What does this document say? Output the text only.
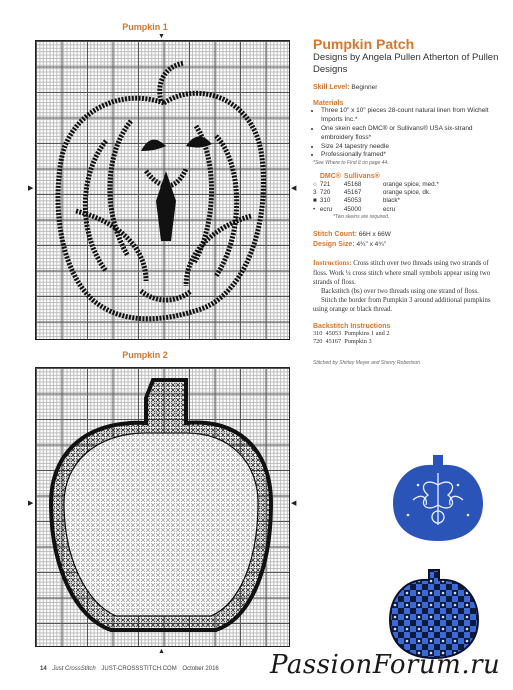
Pumpkin 1
▼
▶	◀
Pumpkin 2
▶	◀
▲
Pumpkin Patch
Designs by Angela Pullen Atherton of Pullen Designs
Skill Level: Beginner
Materials
• Three 10" x 10" pieces 28-count natural linen from Wichelt Imports Inc.*
• One skein each DMC® or Sullivans® USA six-strand embroidery floss*
• Size 24 tapestry needle
• Professionally framed*
*See Where to Find It on page 44.
	DMC®	Sullivans®	
○	721	45168	orange spice, med.*
3	720	45167	orange spice, dk.
■	310	45053	black*
•	ecru	45000	ecru
*Two skeins are required.
Stitch Count: 66H x 66W
Design Size: 4¾" x 4¾"
Instructions: Cross stitch over two threads using two strands of floss. Work ¼ cross stitch where small symbols appear using two strands of floss.
Backstitch (bs) over two threads using one strand of floss.
Stitch the border from Pumpkin 3 around additional pumpkins using orange or black thread.
Backstitch Instructions
310	45053	Pumpkins 1 and 2
720	45167	Pumpkin 3
Stitched by Shirley Meyer and Sherry Robertson
14 Just CrossStitch JUST-CROSSSTITCH.COM October 2016 PassionForum.ru
